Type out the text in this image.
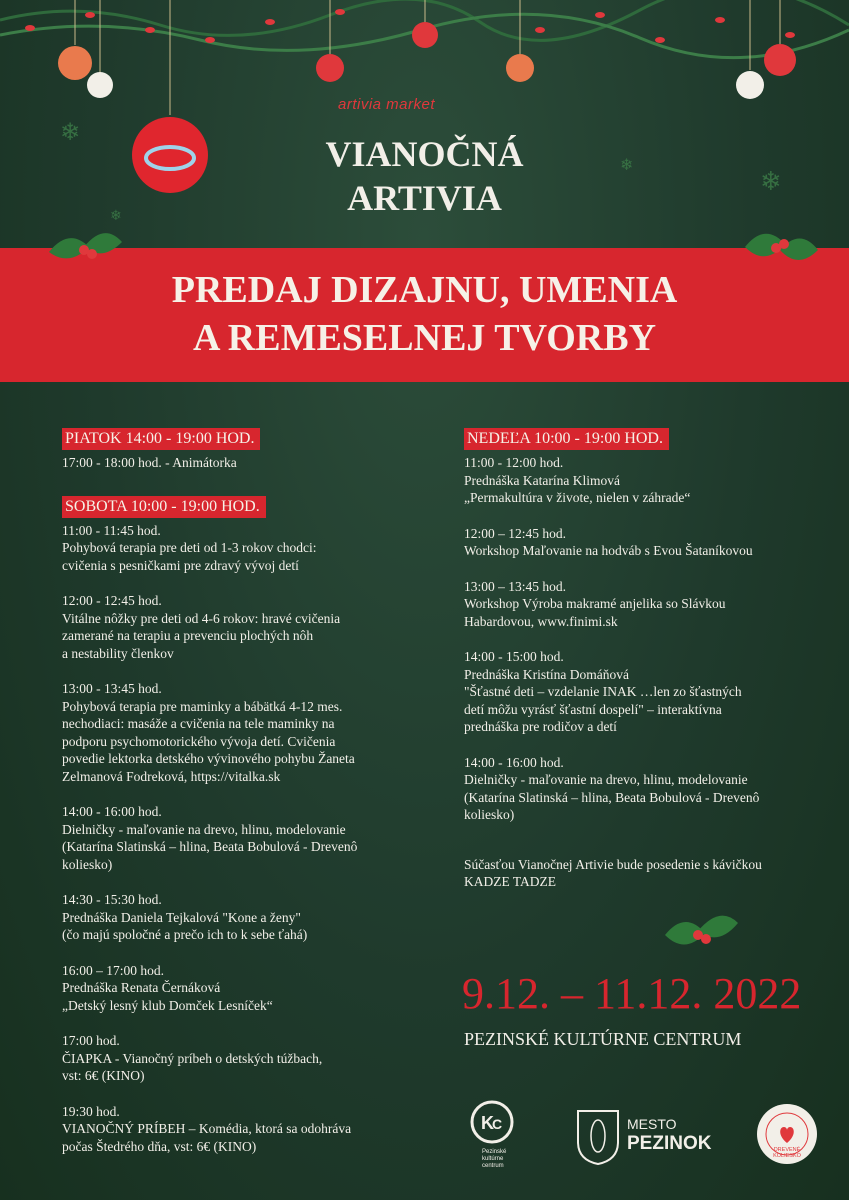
❄
❄
❄
❄
artivia market
VIANOČNÁ
ARTIVIA
PREDAJ DIZAJNU, UMENIA
A REMESELNEJ TVORBY
PIATOK 14:00 - 19:00 HOD.
17:00 - 18:00 hod. - Animátorka
SOBOTA 10:00 - 19:00 HOD.
11:00 - 11:45 hod.
Pohybová terapia pre deti od 1-3 rokov chodci:
cvičenia s pesničkami pre zdravý vývoj detí
12:00 - 12:45 hod.
Vitálne nôžky pre deti od 4-6 rokov: hravé cvičenia
zamerané na terapiu a prevenciu plochých nôh
a nestability členkov
13:00 - 13:45 hod.
Pohybová terapia pre maminky a bábätká 4-12 mes.
nechodiaci: masáže a cvičenia na tele maminky na
podporu psychomotorického vývoja detí. Cvičenia
povedie lektorka detského vývinového pohybu Žaneta
Zelmanová Fodreková, https://vitalka.sk
14:00 - 16:00 hod.
Dielničky - maľovanie na drevo, hlinu, modelovanie
(Katarína Slatinská – hlina, Beata Bobulová - Drevenô
koliesko)
14:30 - 15:30 hod.
Prednáška Daniela Tejkalová "Kone a ženy"
(čo majú spoločné a prečo ich to k sebe ťahá)
16:00 – 17:00 hod.
Prednáška Renata Černáková
„Detský lesný klub Domček Lesníček“
17:00 hod.
ČIAPKA - Vianočný príbeh o detských túžbach,
vst: 6€ (KINO)
19:30 hod.
VIANOČNÝ PRÍBEH – Komédia, ktorá sa odohráva
počas Štedrého dňa, vst: 6€ (KINO)
NEDEĽA 10:00 - 19:00 HOD.
11:00 - 12:00 hod.
Prednáška Katarína Klimová
„Permakultúra v živote, nielen v záhrade“
12:00 – 12:45 hod.
Workshop Maľovanie na hodváb s Evou Šataníkovou
13:00 – 13:45 hod.
Workshop Výroba makramé anjelika so Slávkou
Habardovou, www.finimi.sk
14:00 - 15:00 hod.
Prednáška Kristína Domáňová
"Šťastné deti – vzdelanie INAK …len zo šťastných
detí môžu vyrásť šťastní dospelí" – interaktívna
prednáška pre rodičov a detí
14:00 - 16:00 hod.
Dielničky - maľovanie na drevo, hlinu, modelovanie
(Katarína Slatinská – hlina, Beata Bobulová - Drevenô
koliesko)
Súčasťou Vianočnej Artivie bude posedenie s kávičkou
KADZE TADZE
9.12. – 11.12. 2022
PEZINSKÉ KULTÚRNE CENTRUM
K
C
Pezinské
kultúrne
centrum
MESTO
PEZINOK	DREVENÉ KOLIESKO
